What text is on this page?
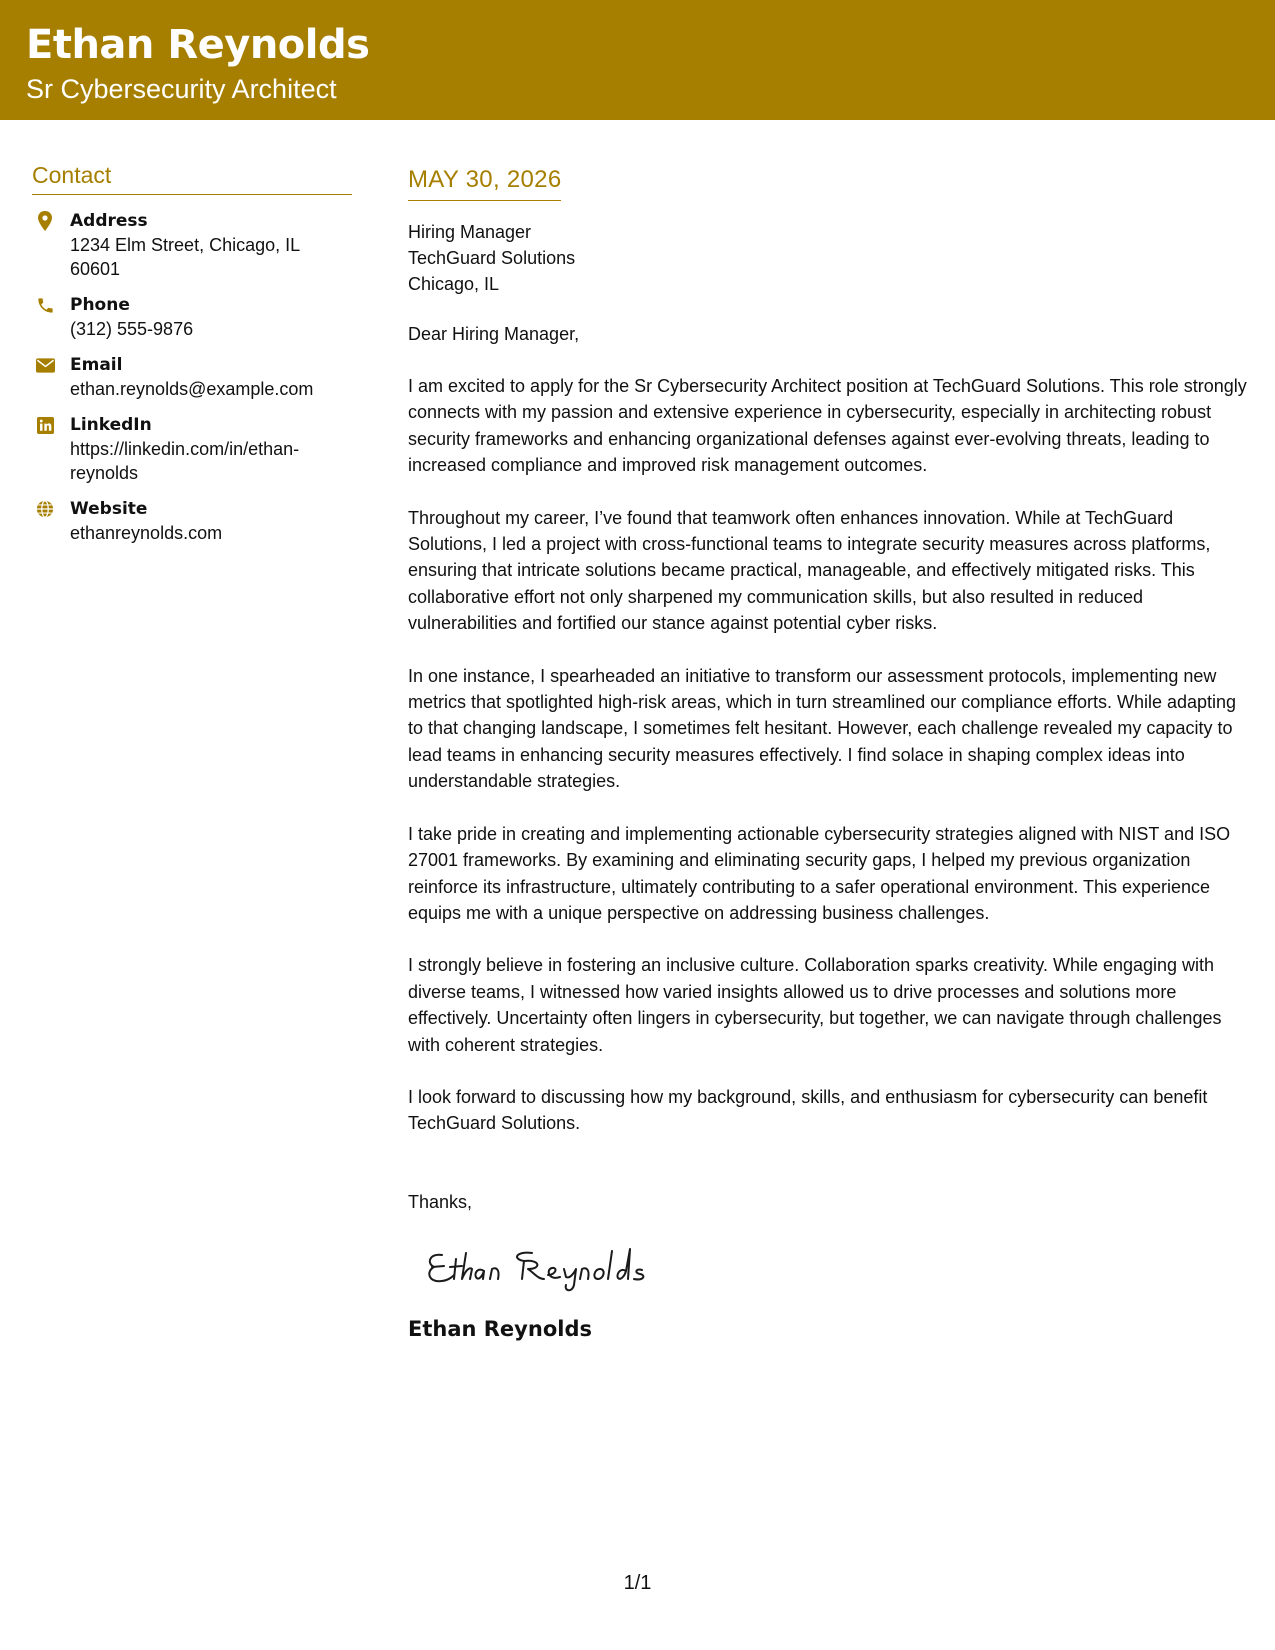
Ethan Reynolds
Sr Cybersecurity Architect
Contact
Address
1234 Elm Street, Chicago, IL 60601
Phone
(312) 555-9876
Email
ethan.reynolds@example.com
LinkedIn
https://linkedin.com/in/ethan-reynolds
Website
ethanreynolds.com
MAY 30, 2026
Hiring Manager
TechGuard Solutions
Chicago, IL
Dear Hiring Manager,
I am excited to apply for the Sr Cybersecurity Architect position at TechGuard Solutions. This role strongly connects with my passion and extensive experience in cybersecurity, especially in architecting robust security frameworks and enhancing organizational defenses against ever-evolving threats, leading to increased compliance and improved risk management outcomes.
Throughout my career, I’ve found that teamwork often enhances innovation. While at TechGuard Solutions, I led a project with cross-functional teams to integrate security measures across platforms, ensuring that intricate solutions became practical, manageable, and effectively mitigated risks. This collaborative effort not only sharpened my communication skills, but also resulted in reduced vulnerabilities and fortified our stance against potential cyber risks.
In one instance, I spearheaded an initiative to transform our assessment protocols, implementing new metrics that spotlighted high-risk areas, which in turn streamlined our compliance efforts. While adapting to that changing landscape, I sometimes felt hesitant. However, each challenge revealed my capacity to lead teams in enhancing security measures effectively. I find solace in shaping complex ideas into understandable strategies.
I take pride in creating and implementing actionable cybersecurity strategies aligned with NIST and ISO 27001 frameworks. By examining and eliminating security gaps, I helped my previous organization reinforce its infrastructure, ultimately contributing to a safer operational environment. This experience equips me with a unique perspective on addressing business challenges.
I strongly believe in fostering an inclusive culture. Collaboration sparks creativity. While engaging with diverse teams, I witnessed how varied insights allowed us to drive processes and solutions more effectively. Uncertainty often lingers in cybersecurity, but together, we can navigate through challenges with coherent strategies.
I look forward to discussing how my background, skills, and enthusiasm for cybersecurity can benefit TechGuard Solutions.
Thanks,
Ethan Reynolds
1/1
